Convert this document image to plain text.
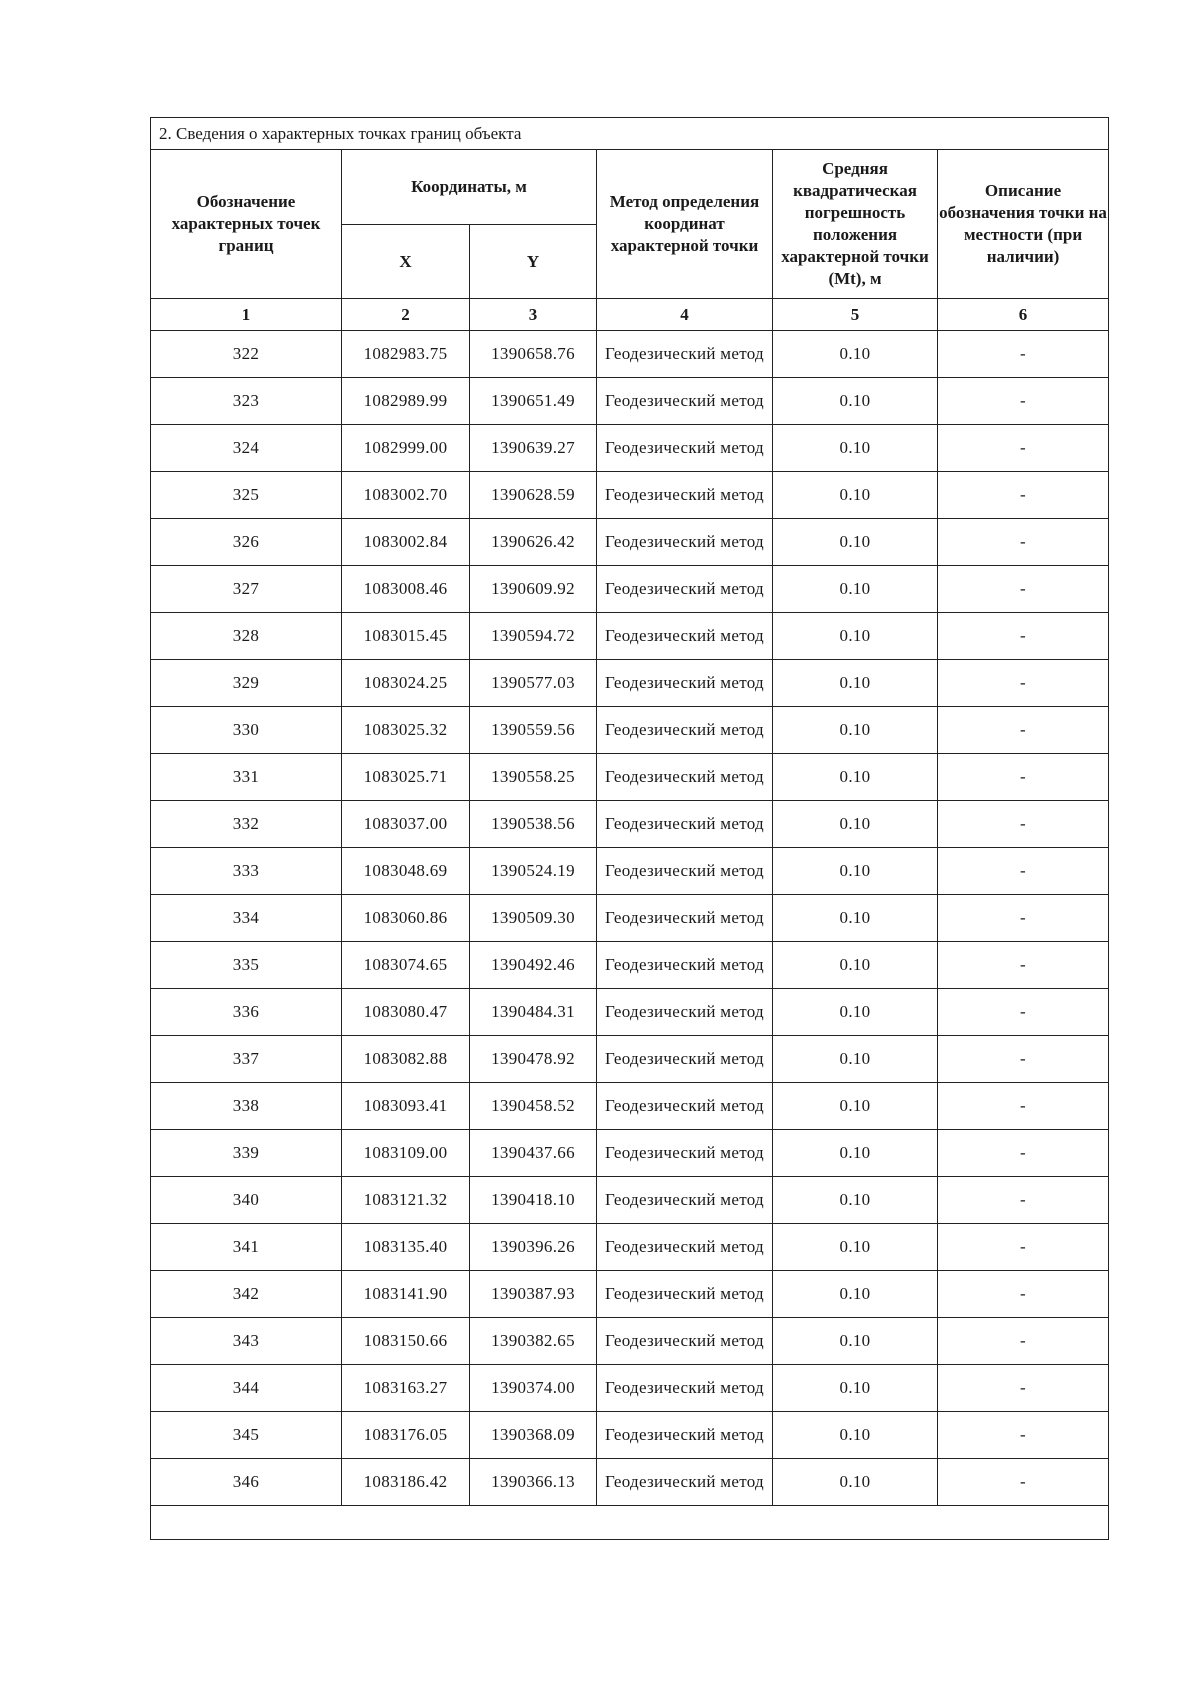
2. Сведения о характерных точках границ объекта					
Обозначение характерных точек границ	Координаты, м		Метод определения координат характерной точки	Средняя квадратическая погрешность положения характерной точки (Mt), м	Описание обозначения точки на местности (при наличии)
	X	Y			
1	2	3	4	5	6
322	1082983.75	1390658.76	Геодезический метод	0.10	-
323	1082989.99	1390651.49	Геодезический метод	0.10	-
324	1082999.00	1390639.27	Геодезический метод	0.10	-
325	1083002.70	1390628.59	Геодезический метод	0.10	-
326	1083002.84	1390626.42	Геодезический метод	0.10	-
327	1083008.46	1390609.92	Геодезический метод	0.10	-
328	1083015.45	1390594.72	Геодезический метод	0.10	-
329	1083024.25	1390577.03	Геодезический метод	0.10	-
330	1083025.32	1390559.56	Геодезический метод	0.10	-
331	1083025.71	1390558.25	Геодезический метод	0.10	-
332	1083037.00	1390538.56	Геодезический метод	0.10	-
333	1083048.69	1390524.19	Геодезический метод	0.10	-
334	1083060.86	1390509.30	Геодезический метод	0.10	-
335	1083074.65	1390492.46	Геодезический метод	0.10	-
336	1083080.47	1390484.31	Геодезический метод	0.10	-
337	1083082.88	1390478.92	Геодезический метод	0.10	-
338	1083093.41	1390458.52	Геодезический метод	0.10	-
339	1083109.00	1390437.66	Геодезический метод	0.10	-
340	1083121.32	1390418.10	Геодезический метод	0.10	-
341	1083135.40	1390396.26	Геодезический метод	0.10	-
342	1083141.90	1390387.93	Геодезический метод	0.10	-
343	1083150.66	1390382.65	Геодезический метод	0.10	-
344	1083163.27	1390374.00	Геодезический метод	0.10	-
345	1083176.05	1390368.09	Геодезический метод	0.10	-
346	1083186.42	1390366.13	Геодезический метод	0.10	-
